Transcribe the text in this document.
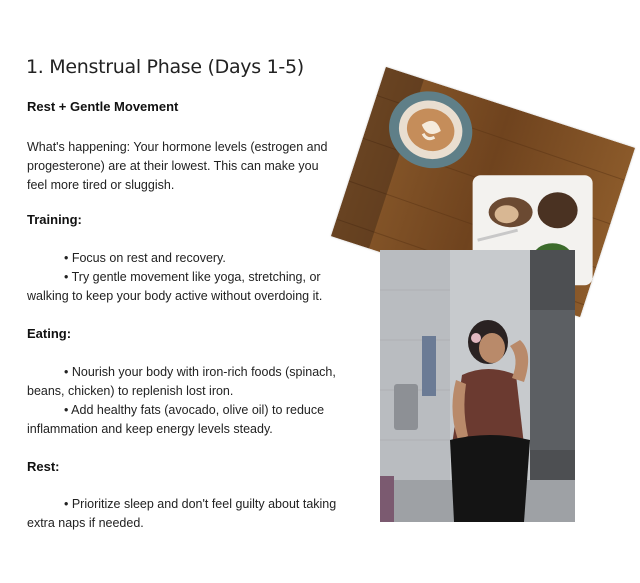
1. Menstrual Phase (Days 1-5)
Rest + Gentle Movement
What's happening: Your hormone levels (estrogen and progesterone) are at their lowest. This can make you feel more tired or sluggish.
Training:
• Focus on rest and recovery.
• Try gentle movement like yoga, stretching, or walking to keep your body active without overdoing it.
Eating:
• Nourish your body with iron-rich foods (spinach, beans, chicken) to replenish lost iron.
• Add healthy fats (avocado, olive oil) to reduce inflammation and keep energy levels steady.
Rest:
• Prioritize sleep and don't feel guilty about taking extra naps if needed.
